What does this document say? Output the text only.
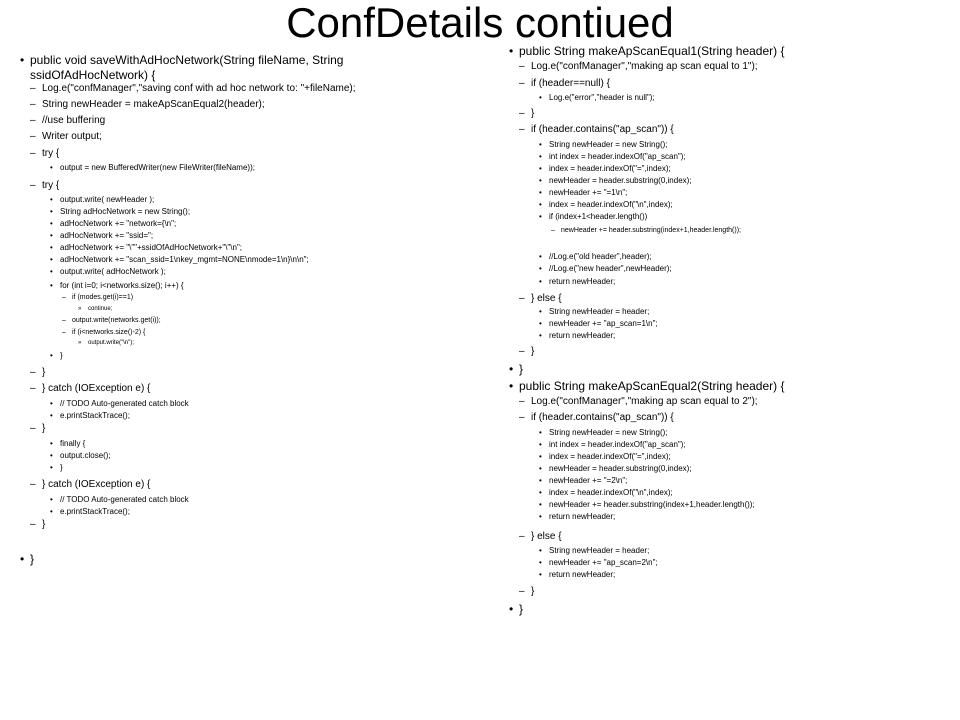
ConfDetails contiued
• public void saveWithAdHocNetwork(String fileName, String ssidOfAdHocNetwork) {
– Log.e("confManager","saving conf with ad hoc network to: "+fileName);
– String newHeader = makeApScanEqual2(header);
– //use buffering
– Writer output;
– try {
• output = new BufferedWriter(new FileWriter(fileName));
– try {
• output.write( newHeader );
• String adHocNetwork = new String();
• adHocNetwork += "network={\n";
• adHocNetwork += "ssid=";
• adHocNetwork += "\""+ssidOfAdHocNetwork+"\"\n";
• adHocNetwork += "scan_ssid=1\nkey_mgmt=NONE\nmode=1\n}\n\n";
• output.write( adHocNetwork );
• for (int i=0; i<networks.size(); i++) {
– if (modes.get(i)==1)
» continue;
– output.write(networks.get(i));
– if (i<networks.size()-2) {
» output.write("\n");
• }
– }
– } catch (IOException e) {
• // TODO Auto-generated catch block
• e.printStackTrace();
– }
• finally {
• output.close();
• }
– } catch (IOException e) {
• // TODO Auto-generated catch block
• e.printStackTrace();
– }
• }
• public String makeApScanEqual1(String header) {
– Log.e("confManager","making ap scan equal to 1");
– if (header==null) {
• Log.e("error","header is null");
– }
– if (header.contains("ap_scan")) {
• String newHeader = new String();
• int index = header.indexOf("ap_scan");
• index = header.indexOf("=",index);
• newHeader = header.substring(0,index);
• newHeader += "=1\n";
• index = header.indexOf("\n",index);
• if (index+1<header.length())
– newHeader += header.substring(index+1,header.length());
• //Log.e("old header",header);
• //Log.e("new header",newHeader);
• return newHeader;
– } else {
• String newHeader = header;
• newHeader += "ap_scan=1\n";
• return newHeader;
– }
• }
• public String makeApScanEqual2(String header) {
– Log.e("confManager","making ap scan equal to 2");
– if (header.contains("ap_scan")) {
• String newHeader = new String();
• int index = header.indexOf("ap_scan");
• index = header.indexOf("=",index);
• newHeader = header.substring(0,index);
• newHeader += "=2\n";
• index = header.indexOf("\n",index);
• newHeader += header.substring(index+1,header.length());
• return newHeader;
– } else {
• String newHeader = header;
• newHeader += "ap_scan=2\n";
• return newHeader;
– }
• }
